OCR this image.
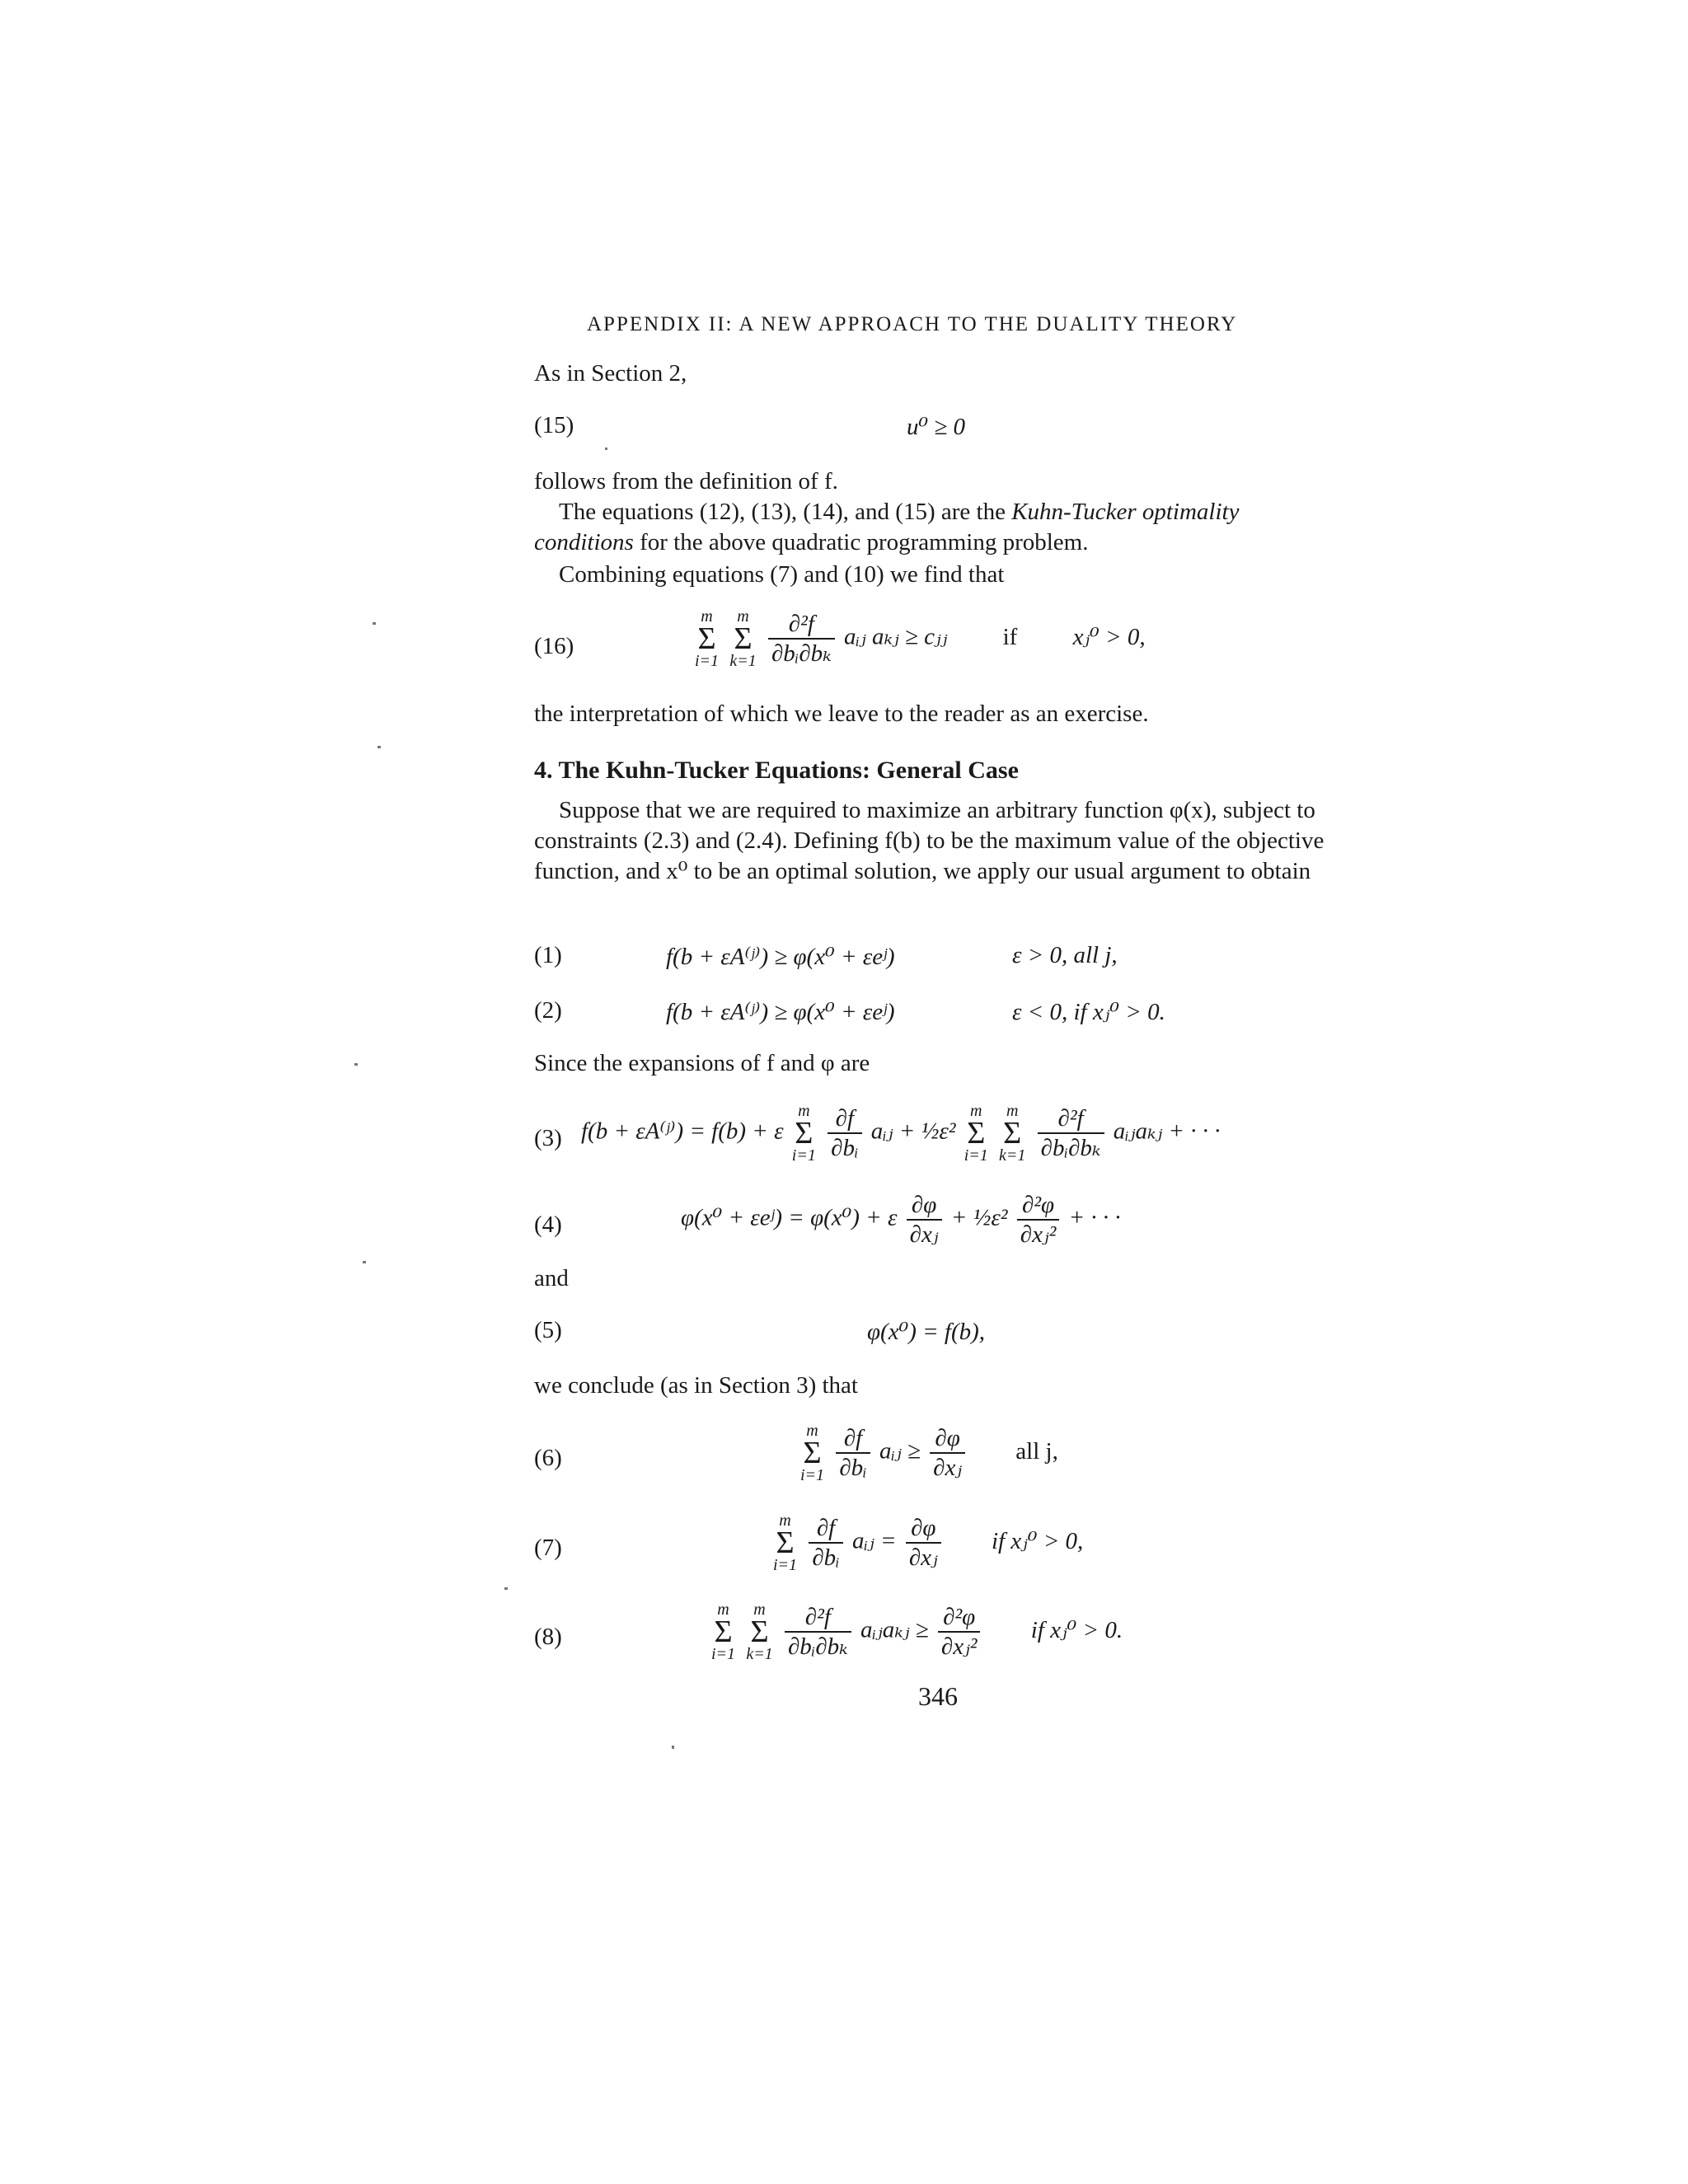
APPENDIX II: A NEW APPROACH TO THE DUALITY THEORY
As in Section 2,
(15)	u⁰ ≥ 0
follows from the definition of f.
The equations (12), (13), (14), and (15) are the Kuhn-Tucker optimality
conditions for the above quadratic programming problem.
Combining equations (7) and (10) we find that
(16)
m
Σ
i=1

m
Σ
k=1
$\frac{\text{∂²f}}{\text{∂bᵢ∂bₖ}}$ aᵢⱼ aₖⱼ ≥ cⱼⱼ if xⱼ⁰ > 0,
the interpretation of which we leave to the reader as an exercise.
4. The Kuhn-Tucker Equations: General Case
Suppose that we are required to maximize an arbitrary function φ(x), subject to constraints (2.3) and (2.4). Defining f(b) to be the maximum value of the objective function, and x⁰ to be an optimal solution, we apply our usual argument to obtain
(1)	f(b + εA⁽ʲ⁾) ≥ φ(x⁰ + εeʲ)	ε > 0, all j,
(2)	f(b + εA⁽ʲ⁾) ≥ φ(x⁰ + εeʲ)	ε < 0, if xⱼ⁰ > 0.
Since the expansions of f and φ are
(3) f(b + εA⁽ʲ⁾) = f(b) + ε
m
Σ
i=1
$\frac{\partial f}{\text{∂bᵢ}}$ aᵢⱼ + ½ε²
m
Σ
i=1

m
Σ
k=1
$\frac{\text{∂²f}}{\text{∂bᵢ∂bₖ}}$ aᵢⱼaₖⱼ + · · ·
(4)	φ(x⁰ + εeʲ) = φ(x⁰) + ε $\frac{\partial\varphi}{\text{∂xⱼ}}$ + ½ε² $\frac{\text{∂²φ}}{\text{∂xⱼ²}}$ + · · ·
and
(5)	φ(x⁰) = f(b),
we conclude (as in Section 3) that
(6)
m
Σ
i=1
$\frac{\partial f}{\text{∂bᵢ}}$ aᵢⱼ ≥ $\frac{\partial\varphi}{\text{∂xⱼ}}$ all j,
(7)
m
Σ
i=1
$\frac{\partial f}{\text{∂bᵢ}}$ aᵢⱼ = $\frac{\partial\varphi}{\text{∂xⱼ}}$ if xⱼ⁰ > 0,
(8)
m
Σ
i=1

m
Σ
k=1
$\frac{\text{∂²f}}{\text{∂bᵢ∂bₖ}}$ aᵢⱼaₖⱼ ≥ $\frac{\text{∂²φ}}{\text{∂xⱼ²}}$ if xⱼ⁰ > 0.
346
